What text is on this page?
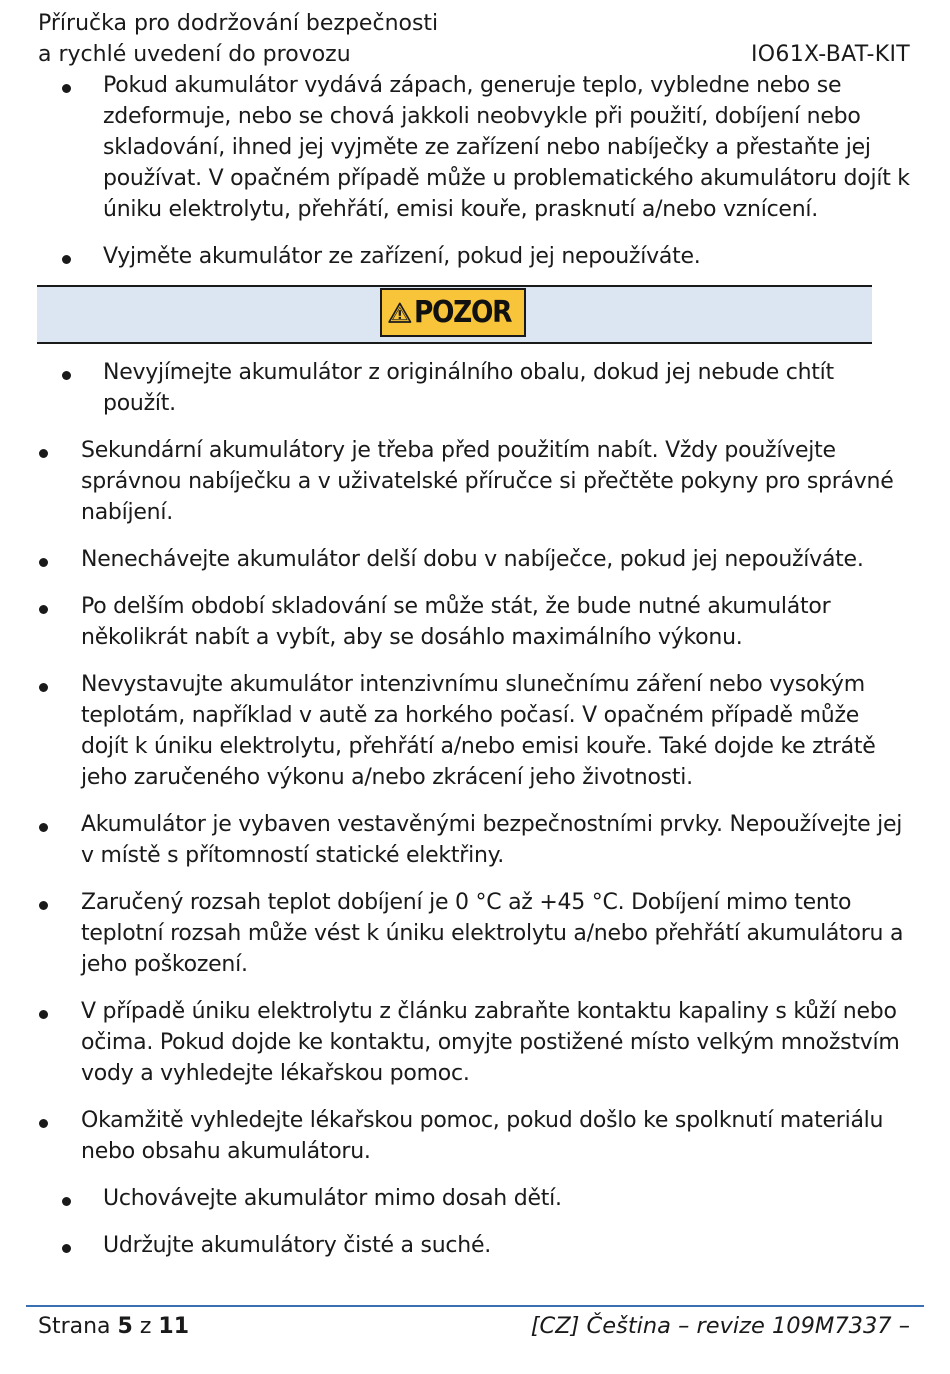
Příručka pro dodržování bezpečnosti
a rychlé uvedení do provozu	IO61X-BAT-KIT
Pokud akumulátor vydává zápach, generuje teplo, vybledne nebo se zdeformuje, nebo se chová jakkoli neobvykle při použití, dobíjení nebo skladování, ihned jej vyjměte ze zařízení nebo nabíječky a přestaňte jej používat. V opačném případě může u problematického akumulátoru dojít k úniku elektrolytu, přehřátí, emisi kouře, prasknutí a/nebo vznícení.
Vyjměte akumulátor ze zařízení, pokud jej nepoužíváte.
POZOR
Nevyjímejte akumulátor z originálního obalu, dokud jej nebude chtít použít.
Sekundární akumulátory je třeba před použitím nabít. Vždy používejte správnou nabíječku a v uživatelské příručce si přečtěte pokyny pro správné nabíjení.
Nenechávejte akumulátor delší dobu v nabíječce, pokud jej nepoužíváte.
Po delším období skladování se může stát, že bude nutné akumulátor několikrát nabít a vybít, aby se dosáhlo maximálního výkonu.
Nevystavujte akumulátor intenzivnímu slunečnímu záření nebo vysokým teplotám, například v autě za horkého počasí. V opačném případě může dojít k úniku elektrolytu, přehřátí a/nebo emisi kouře. Také dojde ke ztrátě jeho zaručeného výkonu a/nebo zkrácení jeho životnosti.
Akumulátor je vybaven vestavěnými bezpečnostními prvky. Nepoužívejte jej v místě s přítomností statické elektřiny.
Zaručený rozsah teplot dobíjení je 0 °C až +45 °C. Dobíjení mimo tento teplotní rozsah může vést k úniku elektrolytu a/nebo přehřátí akumulátoru a jeho poškození.
V případě úniku elektrolytu z článku zabraňte kontaktu kapaliny s kůží nebo očima. Pokud dojde ke kontaktu, omyjte postižené místo velkým množstvím vody a vyhledejte lékařskou pomoc.
Okamžitě vyhledejte lékařskou pomoc, pokud došlo ke spolknutí materiálu nebo obsahu akumulátoru.
Uchovávejte akumulátor mimo dosah dětí.
Udržujte akumulátory čisté a suché.
Strana 5 z 11	[CZ] Čeština – revize 109M7337 –
